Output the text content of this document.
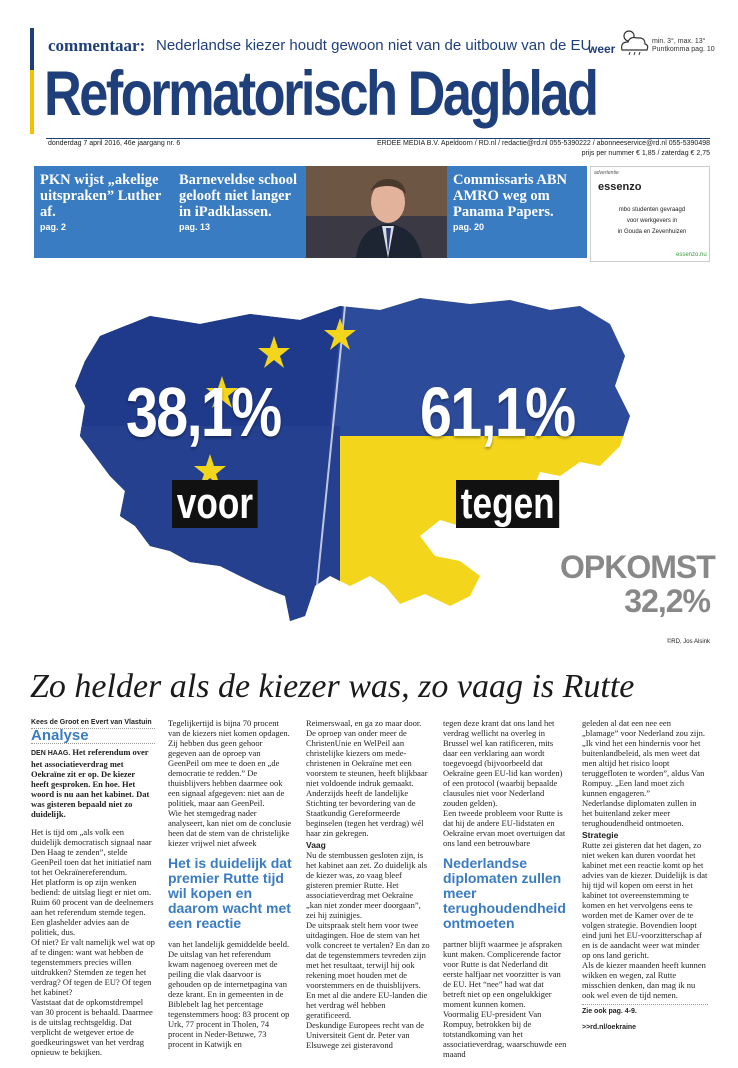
commentaar: Nederlandse kiezer houdt gewoon niet van de uitbouw van de EU.
weer
min. 3°, max. 13°
Puntkomma pag. 10
Reformatorisch Dagblad
donderdag 7 april 2016, 46e jaargang nr. 6	ERDEE MEDIA B.V. Apeldoorn / RD.nl / redactie@rd.nl 055-5390222 / abonneeservice@rd.nl 055-5390498
prijs per nummer € 1,85 / zaterdag € 2,75
PKN wijst „akelige uitspraken” Luther af.
pag. 2
Barneveldse school gelooft niet langer in iPadklassen.
pag. 13
Commissaris ABN AMRO weg om Panama Papers.
pag. 20
advertentie
essenzo
mbo studenten gevraagd
voor werkgevers in
in Gouda en Zevenhuizen
essenzo.nu
38,1%
voor
61,1%
tegen
OPKOMST
32,2%
©RD, Jos Alsink
Zo helder als de kiezer was, zo vaag is Rutte
Kees de Groot en Evert van Vlastuin
Analyse

DEN HAAG. Het referendum over het associatieverdrag met Oekraïne zit er op. De kiezer heeft gesproken. En hoe. Het woord is nu aan het kabinet. Dat was gisteren bepaald niet zo duidelijk.

Het is tijd om „als volk een duidelijk democratisch signaal naar Den Haag te zenden”, stelde GeenPeil toen dat het initiatief nam tot het Oekraïnereferendum.

Het platform is op zijn wenken bediend: de uitslag liegt er niet om. Ruim 60 procent van de deelnemers aan het referendum stemde tegen. Een glashelder advies aan de politiek, dus.

Of niet? Er valt namelijk wel wat op af te dingen: want wat hebben de tegenstemmers precies willen uitdrukken? Stemden ze tegen het verdrag? Of tegen de EU? Of tegen het kabinet?

Vaststaat dat de opkomstdrempel van 30 procent is behaald. Daarmee is de uitslag rechtsgeldig. Dat verplicht de wetgever ertoe de goedkeuringswet van het verdrag opnieuw te bekijken.

Tegelijkertijd is bijna 70 procent van de kiezers niet komen opdagen. Zij hebben dus geen gehoor gegeven aan de oproep van GeenPeil om mee te doen en „de democratie te redden.” De thuisblijvers hebben daarmee ook een signaal afgegeven: niet aan de politiek, maar aan GeenPeil.

Wie het stemgedrag nader analyseert, kan niet om de conclusie heen dat de stem van de christelijke kiezer vrijwel niet afweek

Het is duidelijk dat premier Rutte tijd wil kopen en daarom wacht met een reactie

van het landelijk gemiddelde beeld. De uitslag van het referendum kwam nagenoeg overeen met de peiling die vlak daarvoor is gehouden op de internetpagina van deze krant. En in gemeenten in de Biblebelt lag het percentage tegenstemmers hoog: 83 procent op Urk, 77 procent in Tholen, 74 procent in Neder-Betuwe, 73 procent in Katwijk en

Reimerswaal, en ga zo maar door.

De oproep van onder meer de ChristenUnie en WelPeil aan christelijke kiezers om mede-christenen in Oekraïne met een voorstem te steunen, heeft blijkbaar niet voldoende indruk gemaakt. Anderzijds heeft de landelijke Stichting ter bevordering van de Staatkundig Gereformeerde beginselen (tegen het verdrag) wél haar zin gekregen.

Vaag

Nu de stembussen gesloten zijn, is het kabinet aan zet. Zo duidelijk als de kiezer was, zo vaag bleef gisteren premier Rutte. Het associatieverdrag met Oekraïne „kan niet zonder meer doorgaan”, zei hij zuinigjes.

De uitspraak stelt hem voor twee uitdagingen. Hoe de stem van het volk concreet te vertalen? En dan zo dat de tegenstemmers tevreden zijn met het resultaat, terwijl hij ook rekening moet houden met de voorstemmers en de thuisblijvers. En met al die andere EU-landen die het verdrag wél hebben geratificeerd.

Deskundige Europees recht van de Universiteit Gent dr. Peter van Elsuwege zei gisteravond

tegen deze krant dat ons land het verdrag wellicht na overleg in Brussel wel kan ratificeren, mits daar een verklaring aan wordt toegevoegd (bijvoorbeeld dat Oekraïne geen EU-lid kan worden) of een protocol (waarbij bepaalde clausules niet voor Nederland zouden gelden).

Een tweede probleem voor Rutte is dat hij de andere EU-lidstaten en Oekraïne ervan moet overtuigen dat ons land een betrouwbare

Nederlandse diplomaten zullen meer terughoudendheid ontmoeten

partner blijft waarmee je afspraken kunt maken. Complicerende factor voor Rutte is dat Nederland dit eerste halfjaar net voorzitter is van de EU. Het “nee” had wat dat betreft niet op een ongelukkiger moment kunnen komen.

Voormalig EU-president Van Rompuy, betrokken bij de totstandkoming van het associatieverdrag, waarschuwde een maand

geleden al dat een nee een „blamage” voor Nederland zou zijn. „Ik vind het een hindernis voor het buitenlandbeleid, als men weet dat men altijd het risico loopt teruggefloten te worden”, aldus Van Rompuy. „Een land moet zich kunnen engageren.”

Nederlandse diplomaten zullen in het buitenland zeker meer terughoudendheid ontmoeten.

Strategie

Rutte zei gisteren dat het dagen, zo niet weken kan duren voordat het kabinet met een reactie komt op het advies van de kiezer. Duidelijk is dat hij tijd wil kopen om eerst in het kabinet tot overeenstemming te komen en het vervolgens eens te worden met de Kamer over de te volgen strategie. Bovendien loopt eind juni het EU-voorzitterschap af en is de aandacht weer wat minder op ons land gericht.

Als de kiezer maanden heeft kunnen wikken en wegen, zal Rutte misschien denken, dan mag ik nu ook wel even de tijd nemen.

Zie ook pag. 4-9.
>>rd.nl/oekraine
